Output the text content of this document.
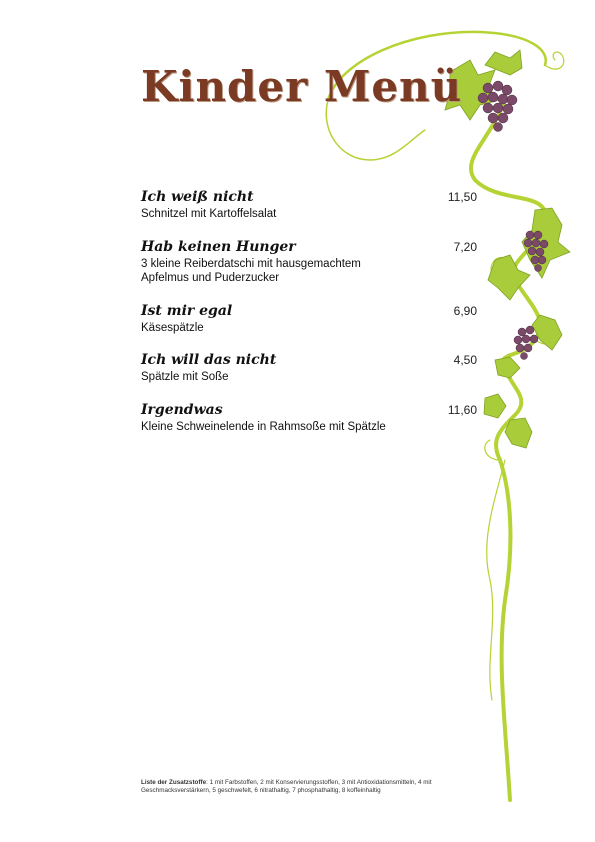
Kinder Menü
Ich weiß nicht	11,50
Schnitzel mit Kartoffelsalat
Hab keinen Hunger	7,20
3 kleine Reiberdatschi mit hausgemachtem Apfelmus und Puderzucker
Ist mir egal	6,90
Käsespätzle
Ich will das nicht	4,50
Spätzle mit Soße
Irgendwas	11,60
Kleine Schweinelende in Rahmsoße mit Spätzle
Liste der Zusatzstoffe: 1 mit Farbstoffen, 2 mit Konservierungsstoffen, 3 mit Antioxidationsmitteln, 4 mit Geschmacksverstärkern, 5 geschwefelt, 6 nitrathaltig, 7 phosphathaltig, 8 koffeinhaltig
